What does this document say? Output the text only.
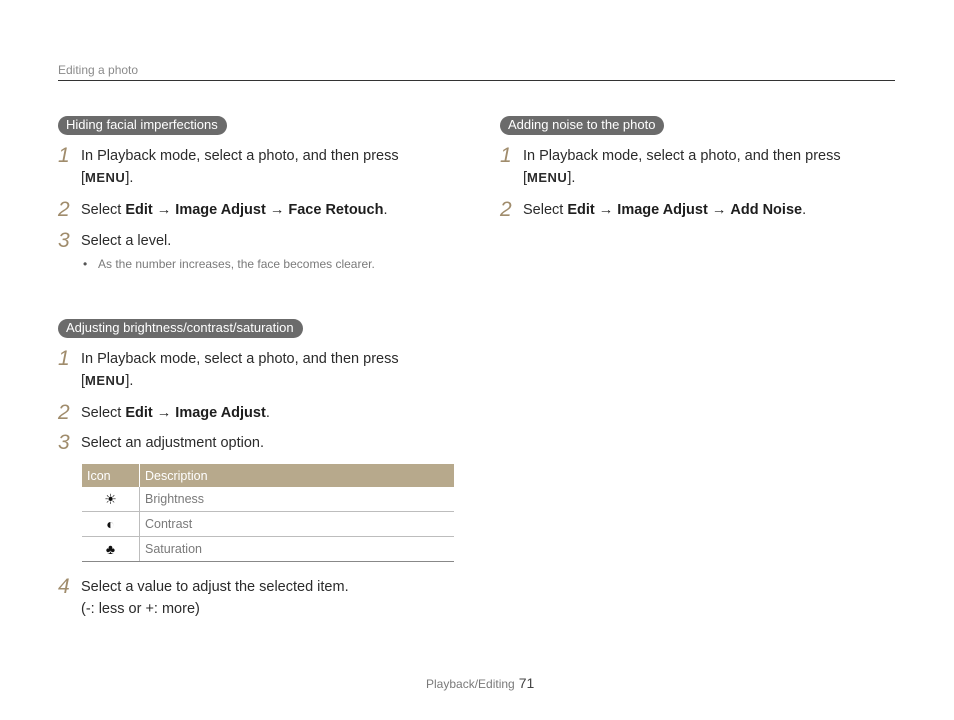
Editing a photo
Hiding facial imperfections
1 In Playback mode, select a photo, and then press
[MENU].
2 Select Edit → Image Adjust → Face Retouch.
3 Select a level.
• As the number increases, the face becomes clearer.
Adjusting brightness/contrast/saturation
1 In Playback mode, select a photo, and then press
[MENU].
2 Select Edit → Image Adjust.
3 Select an adjustment option.
Icon	Description
☀	Brightness
◐	Contrast
♣	Saturation
4 Select a value to adjust the selected item.
(-: less or +: more)
Adding noise to the photo
1 In Playback mode, select a photo, and then press
[MENU].
2 Select Edit → Image Adjust → Add Noise.
Playback/Editing 71
